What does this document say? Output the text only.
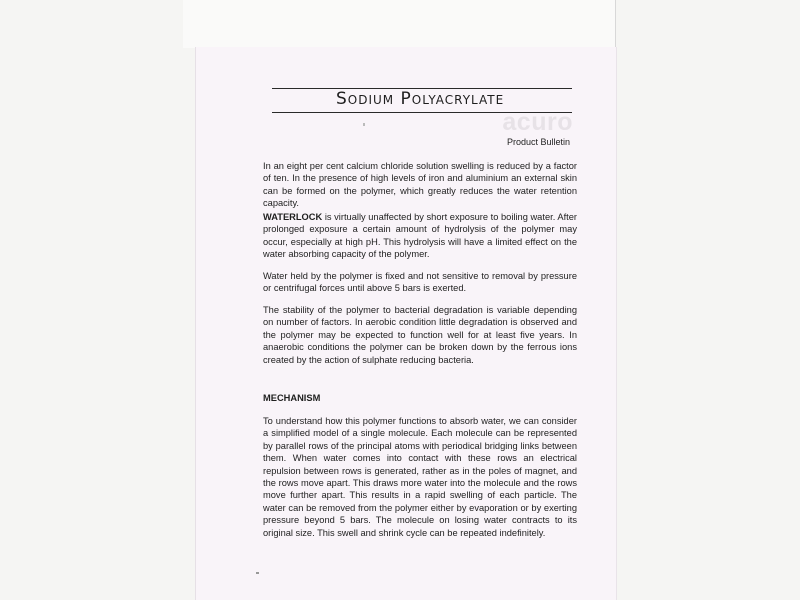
Sodium Polyacrylate
acuro
Product Bulletin

In an eight per cent calcium chloride solution swelling is reduced by a factor of ten. In the presence of high levels of iron and aluminium an external skin can be formed on the polymer, which greatly reduces the water retention capacity.

WATERLOCK is virtually unaffected by short exposure to boiling water. After prolonged exposure a certain amount of hydrolysis of the polymer may occur, especially at high pH. This hydrolysis will have a limited effect on the water absorbing capacity of the polymer.

Water held by the polymer is fixed and not sensitive to removal by pressure or centrifugal forces until above 5 bars is exerted.

The stability of the polymer to bacterial degradation is variable depending on number of factors. In aerobic condition little degradation is observed and the polymer may be expected to function well for at least five years. In anaerobic conditions the polymer can be broken down by the ferrous ions created by the action of sulphate reducing bacteria.

MECHANISM

To understand how this polymer functions to absorb water, we can consider a simplified model of a single molecule. Each molecule can be represented by parallel rows of the principal atoms with periodical bridging links between them. When water comes into contact with these rows an electrical repulsion between rows is generated, rather as in the poles of magnet, and the rows move apart. This draws more water into the molecule and the rows move further apart. This results in a rapid swelling of each particle. The water can be removed from the polymer either by evaporation or by exerting pressure beyond 5 bars. The molecule on losing water contracts to its original size. This swell and shrink cycle can be repeated indefinitely.
